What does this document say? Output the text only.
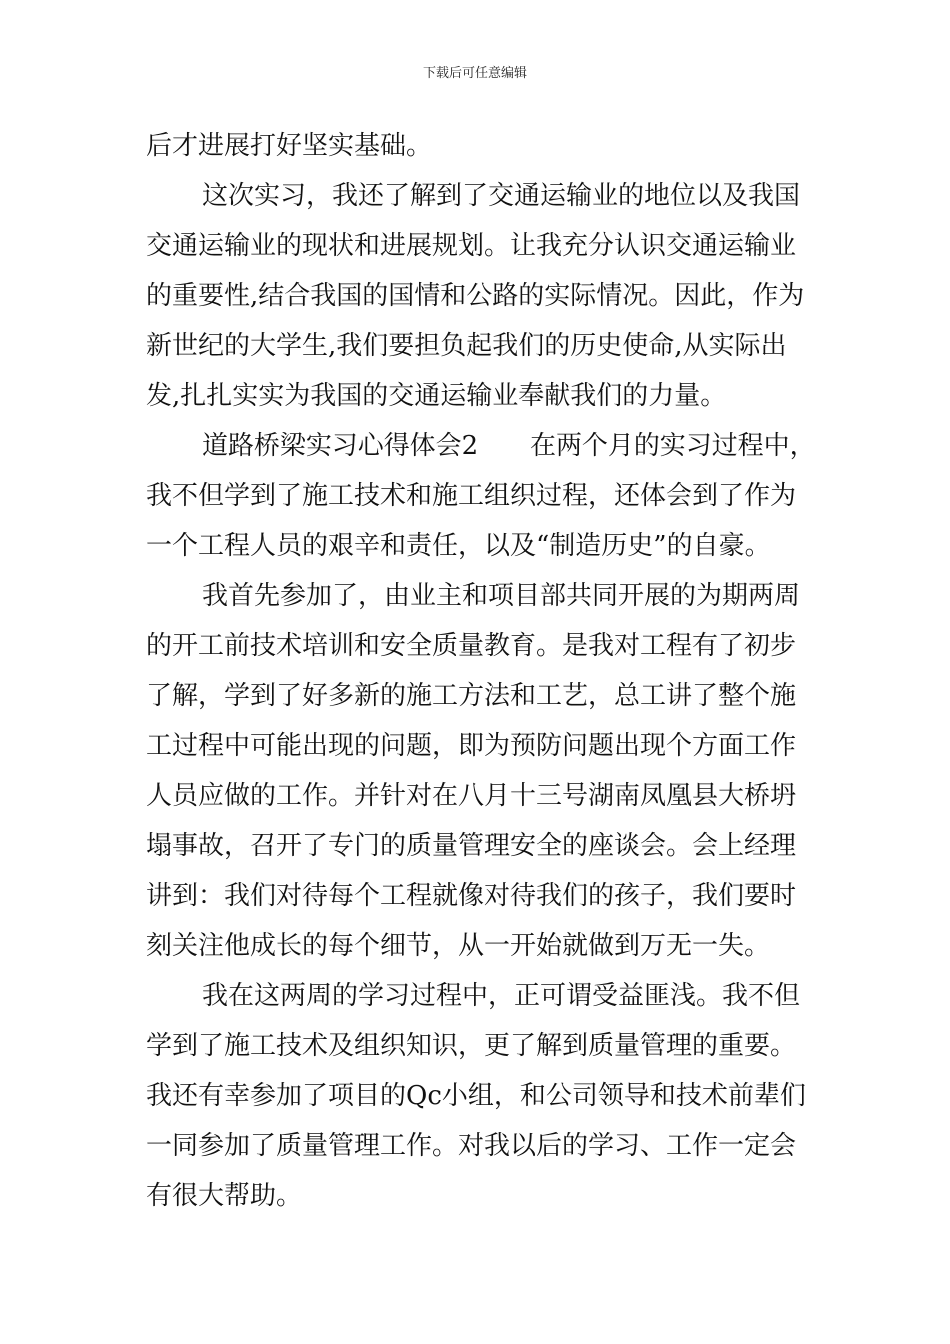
下载后可任意编辑
后才进展打好坚实基础。
这次实习，我还了解到了交通运输业的地位以及我国
交通运输业的现状和进展规划。让我充分认识交通运输业
的重要性,结合我国的国情和公路的实际情况。因此，作为
新世纪的大学生,我们要担负起我们的历史使命,从实际出
发,扎扎实实为我国的交通运输业奉献我们的力量。
道路桥梁实习心得体会2　　在两个月的实习过程中，
我不但学到了施工技术和施工组织过程，还体会到了作为
一个工程人员的艰辛和责任，以及“制造历史”的自豪。
我首先参加了，由业主和项目部共同开展的为期两周
的开工前技术培训和安全质量教育。是我对工程有了初步
了解，学到了好多新的施工方法和工艺，总工讲了整个施
工过程中可能出现的问题，即为预防问题出现个方面工作
人员应做的工作。并针对在八月十三号湖南凤凰县大桥坍
塌事故，召开了专门的质量管理安全的座谈会。会上经理
讲到：我们对待每个工程就像对待我们的孩子，我们要时
刻关注他成长的每个细节，从一开始就做到万无一失。
我在这两周的学习过程中，正可谓受益匪浅。我不但
学到了施工技术及组织知识，更了解到质量管理的重要。
我还有幸参加了项目的Qc小组，和公司领导和技术前辈们
一同参加了质量管理工作。对我以后的学习、工作一定会
有很大帮助。
